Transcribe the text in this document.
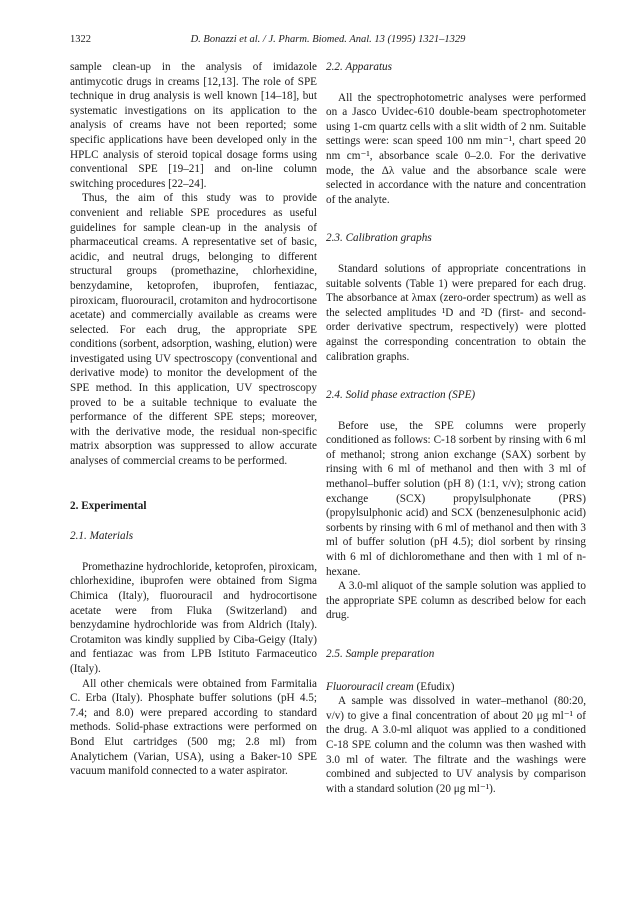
1322	D. Bonazzi et al. / J. Pharm. Biomed. Anal. 13 (1995) 1321–1329

sample clean-up in the analysis of imidazole antimycotic drugs in creams [12,13]. The role of SPE technique in drug analysis is well known [14–18], but systematic investigations on its application to the analysis of creams have not been reported; some specific applications have been developed only in the HPLC analysis of steroid topical dosage forms using conventional SPE [19–21] and on-line column switching procedures [22–24].

Thus, the aim of this study was to provide convenient and reliable SPE procedures as useful guidelines for sample clean-up in the analysis of pharmaceutical creams. A representative set of basic, acidic, and neutral drugs, belonging to different structural groups (promethazine, chlorhexidine, benzydamine, ketoprofen, ibuprofen, fentiazac, piroxicam, fluorouracil, crotamiton and hydrocortisone acetate) and commercially available as creams were selected. For each drug, the appropriate SPE conditions (sorbent, adsorption, washing, elution) were investigated using UV spectroscopy (conventional and derivative mode) to monitor the development of the SPE method. In this application, UV spectroscopy proved to be a suitable technique to evaluate the performance of the different SPE steps; moreover, with the derivative mode, the residual non-specific matrix absorption was suppressed to allow accurate analyses of commercial creams to be performed.

2. Experimental
2.1. Materials

Promethazine hydrochloride, ketoprofen, piroxicam, chlorhexidine, ibuprofen were obtained from Sigma Chimica (Italy), fluorouracil and hydrocortisone acetate were from Fluka (Switzerland) and benzydamine hydrochloride was from Aldrich (Italy). Crotamiton was kindly supplied by Ciba-Geigy (Italy) and fentiazac was from LPB Istituto Farmaceutico (Italy).

All other chemicals were obtained from Farmitalia C. Erba (Italy). Phosphate buffer solutions (pH 4.5; 7.4; and 8.0) were prepared according to standard methods. Solid-phase extractions were performed on Bond Elut cartridges (500 mg; 2.8 ml) from Analytichem (Varian, USA), using a Baker-10 SPE vacuum manifold connected to a water aspirator.

2.2. Apparatus

All the spectrophotometric analyses were performed on a Jasco Uvidec-610 double-beam spectrophotometer using 1-cm quartz cells with a slit width of 2 nm. Suitable settings were: scan speed 100 nm min⁻¹, chart speed 20 nm cm⁻¹, absorbance scale 0–2.0. For the derivative mode, the Δλ value and the absorbance scale were selected in accordance with the nature and concentration of the analyte.

2.3. Calibration graphs

Standard solutions of appropriate concentrations in suitable solvents (Table 1) were prepared for each drug. The absorbance at λmax (zero-order spectrum) as well as the selected amplitudes ¹D and ²D (first- and second-order derivative spectrum, respectively) were plotted against the corresponding concentration to obtain the calibration graphs.

2.4. Solid phase extraction (SPE)

Before use, the SPE columns were properly conditioned as follows: C-18 sorbent by rinsing with 6 ml of methanol; strong anion exchange (SAX) sorbent by rinsing with 6 ml of methanol and then with 3 ml of methanol–buffer solution (pH 8) (1:1, v/v); strong cation exchange (SCX) propylsulphonate (PRS) (propylsulphonic acid) and SCX (benzenesulphonic acid) sorbents by rinsing with 6 ml of methanol and then with 3 ml of buffer solution (pH 4.5); diol sorbent by rinsing with 6 ml of dichloromethane and then with 1 ml of n-hexane.

A 3.0-ml aliquot of the sample solution was applied to the appropriate SPE column as described below for each drug.

2.5. Sample preparation
Fluorouracil cream (Efudix)

A sample was dissolved in water–methanol (80:20, v/v) to give a final concentration of about 20 μg ml⁻¹ of the drug. A 3.0-ml aliquot was applied to a conditioned C-18 SPE column and the column was then washed with 3.0 ml of water. The filtrate and the washings were combined and subjected to UV analysis by comparison with a standard solution (20 μg ml⁻¹).
